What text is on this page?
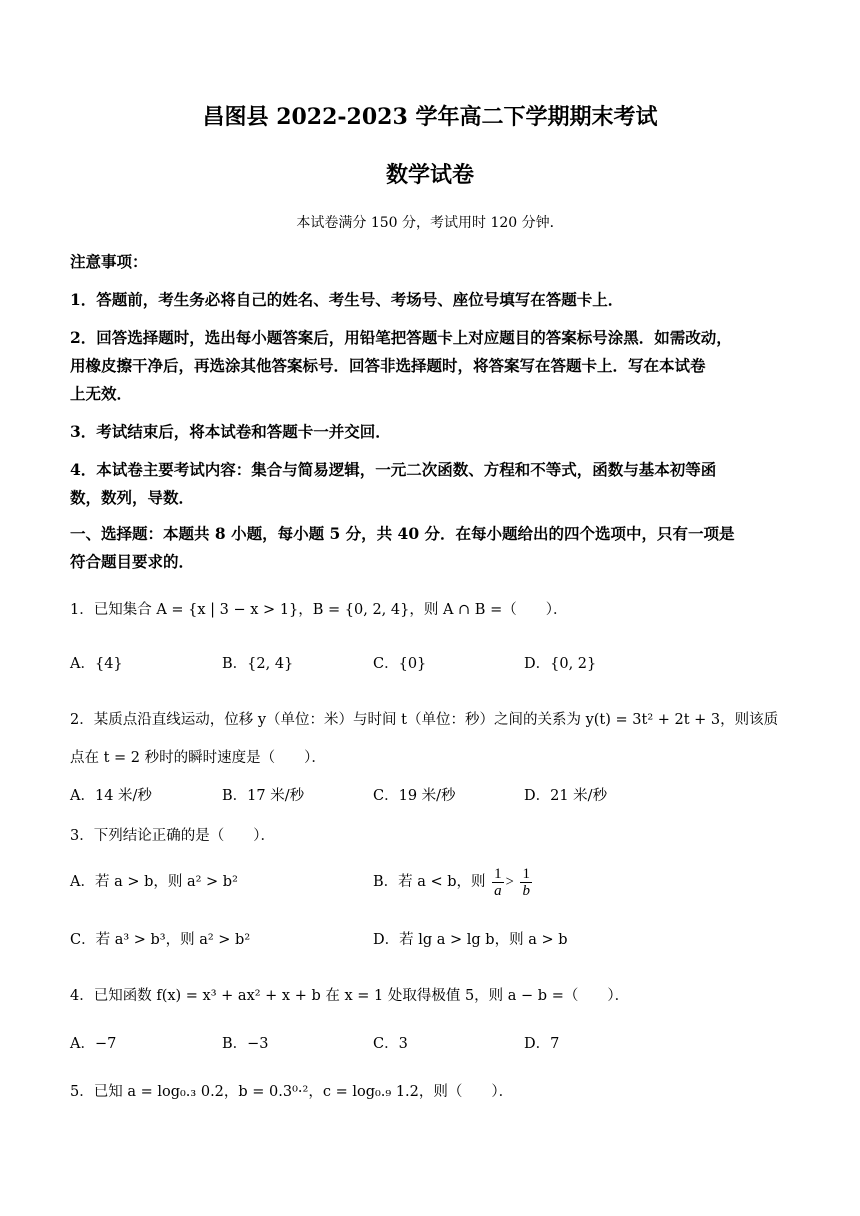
昌图县 2022-2023 学年高二下学期期末考试
数学试卷
本试卷满分 150 分，考试用时 120 分钟．
注意事项：
1．答题前，考生务必将自己的姓名、考生号、考场号、座位号填写在答题卡上．
2．回答选择题时，选出每小题答案后，用铅笔把答题卡上对应题目的答案标号涂黑．如需改动，
用橡皮擦干净后，再选涂其他答案标号．回答非选择题时，将答案写在答题卡上．写在本试卷
上无效．
3．考试结束后，将本试卷和答题卡一并交回．
4．本试卷主要考试内容：集合与简易逻辑，一元二次函数、方程和不等式，函数与基本初等函
数，数列，导数．
一、选择题：本题共 8 小题，每小题 5 分，共 40 分．在每小题给出的四个选项中，只有一项是
符合题目要求的．
1．已知集合 A = {x | 3 − x > 1}，B = {0, 2, 4}，则 A ∩ B =（　　）．
A．{4}	B．{2, 4}	C．{0}	D．{0, 2}
2．某质点沿直线运动，位移 y（单位：米）与时间 t（单位：秒）之间的关系为 y(t) = 3t² + 2t + 3，则该质
点在 t = 2 秒时的瞬时速度是（　　）．
A．14 米/秒	B．17 米/秒	C．19 米/秒	D．21 米/秒
3．下列结论正确的是（　　）．
A．若 a > b，则 a² > b²	B．若 a < b，则 $\frac{1}{a} > \frac{1}{b}$
C．若 a³ > b³，则 a² > b²	D．若 lg a > lg b，则 a > b
4．已知函数 f(x) = x³ + ax² + x + b 在 x = 1 处取得极值 5，则 a − b =（　　）．
A．−7	B．−3	C．3	D．7
5．已知 a = log₀.₃ 0.2，b = 0.3⁰·²，c = log₀.₉ 1.2，则（　　）．
